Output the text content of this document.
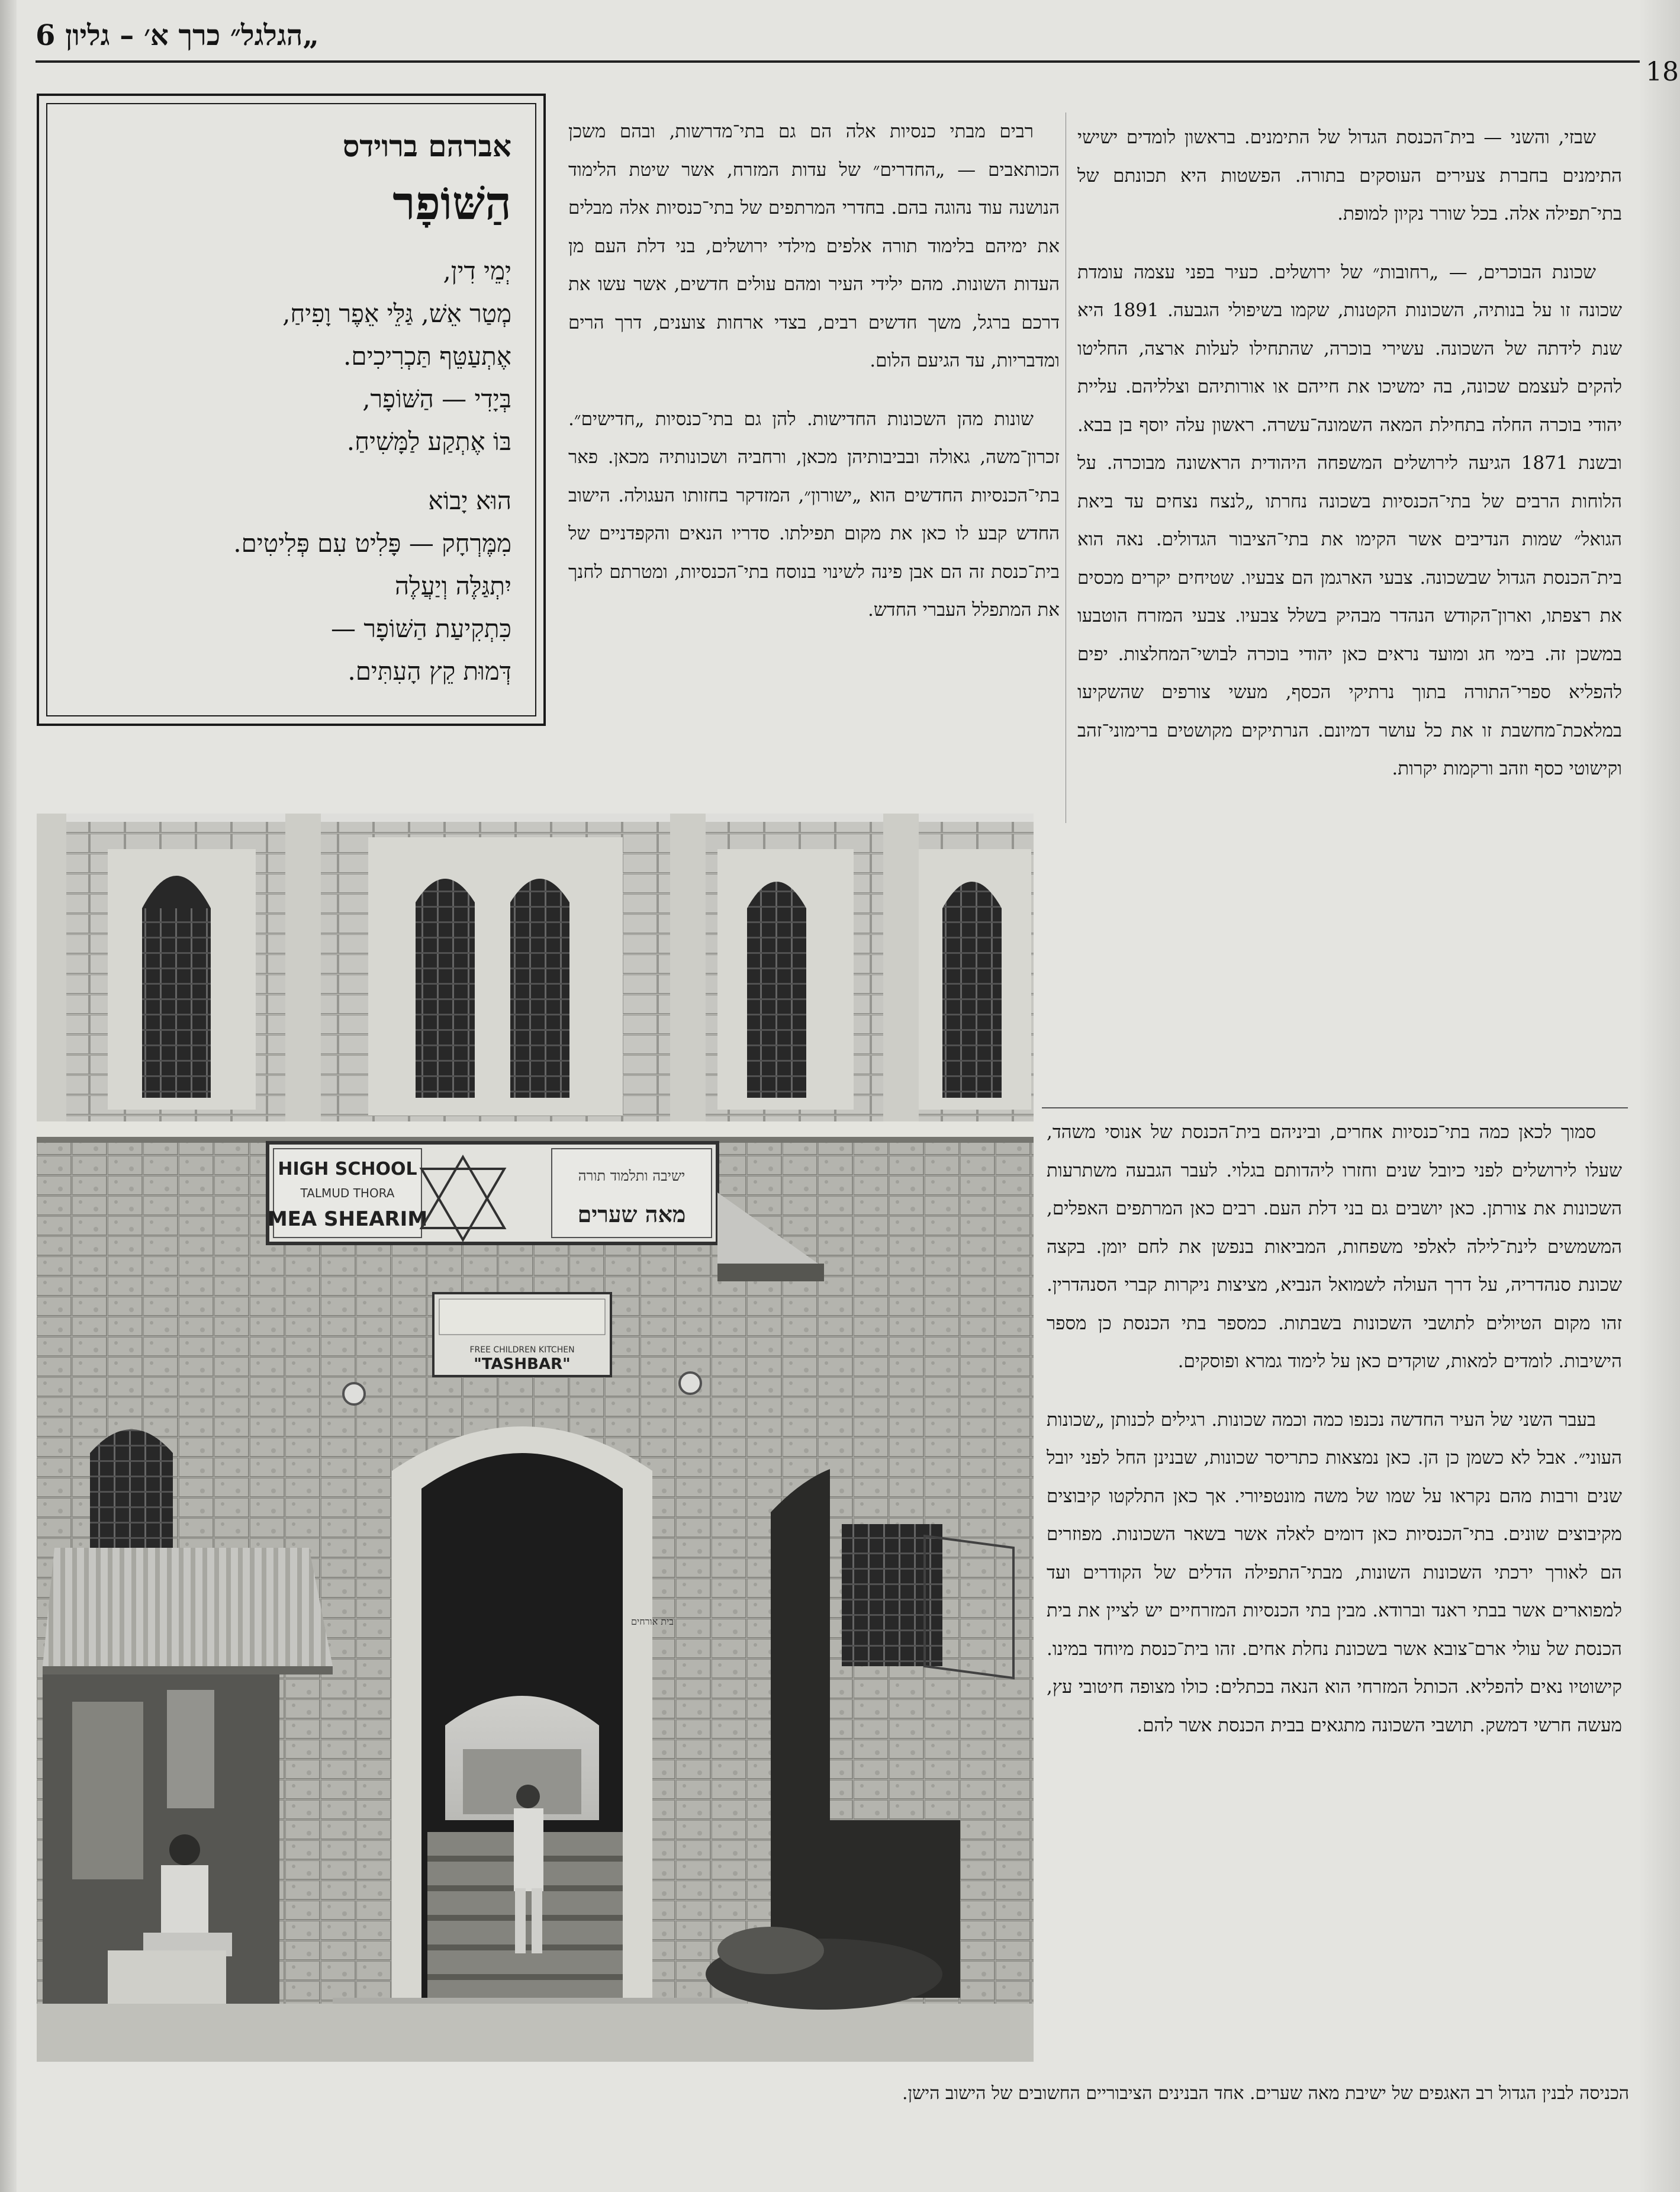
„הגלגל״ כרך א׳ – גליון 6
18

אברהם ברוידס

הַשּׁוֹפָר

יְמֵי דִין,

מְטַר אֵשׁ, גַּלֵּי אֵפֶר וָפִיחַ,

אֶתְעַטֵּף תַּכְרִיכִים.

בְּיָדִי — הַשּׁוֹפָר,

בּוֹ אֶתְקַע לַמָּשִׁיחַ.

הוּא יָבוֹא

מִמֶּרְחָק — פָּלִיט עִם פְּלִיטִים.

יִתְגַּלֶּה וְיַעֲלֶה

כִּתְקִיעַת הַשּׁוֹפָר —

דְּמוּת קֵץ הָעִתִּים.

רבים מבתי כנסיות אלה הם גם בתי־מדרשות, ובהם משכן הכותאבים — „החדרים״ של עדות המזרח, אשר שיטת הלימוד הנושנה עוד נהוגה בהם. בחדרי המרתפים של בתי־כנסיות אלה מבלים את ימיהם בלימוד תורה אלפים מילדי ירושלים, בני דלת העם מן העדות השונות. מהם ילידי העיר ומהם עולים חדשים, אשר עשו את דרכם ברגל, משך חדשים רבים, בצדי ארחות צוענים, דרך הרים ומדבריות, עד הגיעם הלום.

שונות מהן השכונות החדישות. להן גם בתי־כנסיות „חדישים״. זכרון־משה, גאולה ובביבותיהן מכאן, ורחביה ושכונותיה מכאן. פאר בתי־הכנסיות החדשים הוא „ישורון״, המזדקר בחזותו העגולה. הישוב החדש קבע לו כאן את מקום תפילתו. סדריו הנאים והקפדניים של בית־כנסת זה הם אבן פינה לשינוי בנוסח בתי־הכנסיות, ומטרתם לחנך את המתפלל העברי החדש.

שבזי, והשני — בית־הכנסת הגדול של התימנים. בראשון לומדים ישישי התימנים בחברת צעירים העוסקים בתורה. הפשטות היא תכונתם של בתי־תפילה אלה. בכל שורר נקיון למופת.

שכונת הבוכרים, — „רחובות״ של ירושלים. כעיר בפני עצמה עומדת שכונה זו על בנותיה, השכונות הקטנות, שקמו בשיפולי הגבעה. 1891 היא שנת לידתה של השכונה. עשירי בוכרה, שהתחילו לעלות ארצה, החליטו להקים לעצמם שכונה, בה ימשיכו את חייהם או אורותיהם וצלליהם. עליית יהודי בוכרה החלה בתחילת המאה השמונה־עשרה. ראשון עלה יוסף בן בבא. ובשנת 1871 הגיעה לירושלים המשפחה היהודית הראשונה מבוכרה. על הלוחות הרבים של בתי־הכנסיות בשכונה נחרתו „לנצח נצחים עד ביאת הגואל״ שמות הנדיבים אשר הקימו את בתי־הציבור הגדולים. נאה הוא בית־הכנסת הגדול שבשכונה. צבעי הארגמן הם צבעיו. שטיחים יקרים מכסים את רצפתו, וארון־הקודש הנהדר מבהיק בשלל צבעיו. צבעי המזרח הוטבעו במשכן זה. בימי חג ומועד נראים כאן יהודי בוכרה לבושי־המחלצות. יפים להפליא ספרי־התורה בתוך נרתיקי הכסף, מעשי צורפים שהשקיעו במלאכת־מחשבת זו את כל עושר דמיונם. הנרתיקים מקושטים ברימוני־זהב וקישוטי כסף וזהב ורקמות יקרות.

סמוך לכאן כמה בתי־כנסיות אחרים, וביניהם בית־הכנסת של אנוסי משהד, שעלו לירושלים לפני כיובל שנים וחזרו ליהדותם בגלוי. לעבר הגבעה משתרעות השכונות את צורתן. כאן יושבים גם בני דלת העם. רבים כאן המרתפים האפלים, המשמשים לינת־לילה לאלפי משפחות, המביאות בנפשן את לחם יומן. בקצה שכונת סנהדריה, על דרך העולה לשמואל הנביא, מציצות ניקרות קברי הסנהדרין. זהו מקום הטיולים לתושבי השכונות בשבתות. כמספר בתי הכנסת כן מספר הישיבות. לומדים למאות, שוקדים כאן על לימוד גמרא ופוסקים.

בעבר השני של העיר החדשה נכנפו כמה וכמה שכונות. רגילים לכנותן „שכונות העוני״. אבל לא כשמן כן הן. כאן נמצאות כתריסר שכונות, שבנינן החל לפני יובל שנים ורבות מהם נקראו על שמו של משה מונטפיורי. אך כאן התלקטו קיבוצים מקיבוצים שונים. בתי־הכנסיות כאן דומים לאלה אשר בשאר השכונות. מפוזרים הם לאורך ירכתי השכונות השונות, מבתי־התפילה הדלים של הקודרים ועד למפוארים אשר בבתי ראנד וברודא. מבין בתי הכנסיות המזרחיים יש לציין את בית הכנסת של עולי ארם־צובא אשר בשכונת נחלת אחים. זהו בית־כנסת מיוחד במינו. קישוטיו נאים להפליא. הכותל המזרחי הוא הנאה בכתלים: כולו מצופה חיטובי עץ, מעשה חרשי דמשק. תושבי השכונה מתגאים בבית הכנסת אשר להם.

HIGH SCHOOL
TALMUD THORA
MEA SHEARIM
ישיבה ותלמוד תורה
מאה שערים
FREE CHILDREN KITCHEN
"TASHBAR"
בית אורחים
הכניסה לבנין הגדול רב האגפים של ישיבת מאה שערים. אחד הבנינים הציבוריים החשובים של הישוב הישן.
